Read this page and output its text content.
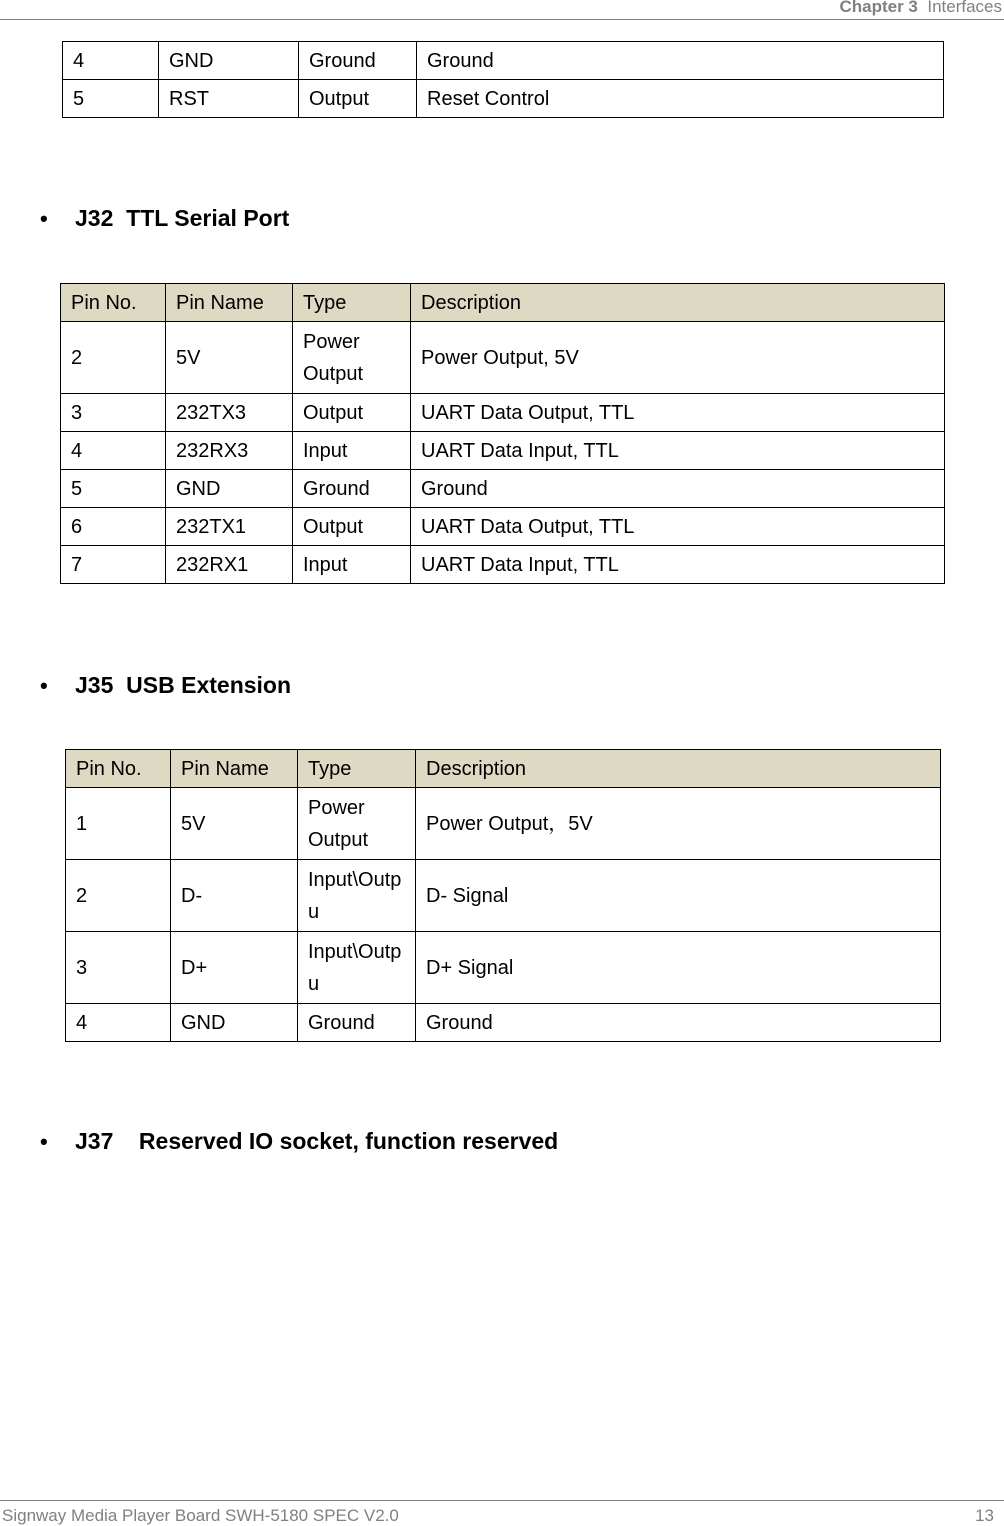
Chapter 3 Interfaces
4	GND	Ground	Ground
5	RST	Output	Reset Control
• J32  TTL Serial Port
Pin No.	Pin Name	Type	Description
2	5V	Power Output	Power Output, 5V
3	232TX3	Output	UART Data Output, TTL
4	232RX3	Input	UART Data Input, TTL
5	GND	Ground	Ground
6	232TX1	Output	UART Data Output, TTL
7	232RX1	Input	UART Data Input, TTL
• J35  USB Extension
Pin No.	Pin Name	Type	Description
1	5V	Power Output	Power Output，5V
2	D-	Input\Outpu	D- Signal
3	D+	Input\Outpu	D+ Signal
4	GND	Ground	Ground
• J37    Reserved IO socket, function reserved
Signway Media Player Board SWH-5180 SPEC V2.0	13
